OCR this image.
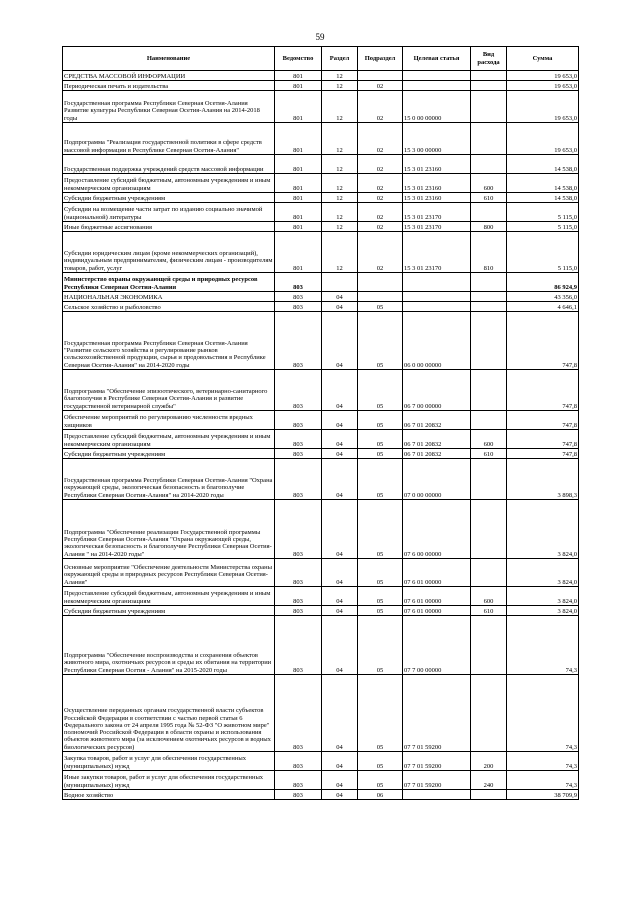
59
Наименование	Ведомство	Раздел	Подраздел	Целевая статья	Вид расхода	Сумма
СРЕДСТВА МАССОВОЙ ИНФОРМАЦИИ	801	12				19 653,0
Периодическая печать и издательства	801	12	02			19 653,0
Государственная программа Республики Северная Осетия-Алания Развитие культуры Республики Северная Осетия-Алания на 2014-2018 годы	801	12	02	15 0 00 00000		19 653,0
Подпрограмма "Реализация государственной политики в сфере средств массовой информации в Республике Северная Осетия-Алания"	801	12	02	15 3 00 00000		19 653,0
Государственная поддержка учреждений средств массовой информации	801	12	02	15 3 01 23160		14 538,0
Предоставление субсидий бюджетным, автономным учреждениям и иным некоммерческим организациям	801	12	02	15 3 01 23160	600	14 538,0
Субсидии бюджетным учреждениям	801	12	02	15 3 01 23160	610	14 538,0
Субсидии на возмещение части затрат по изданию социально значимой (национальной) литературы	801	12	02	15 3 01 23170		5 115,0
Иные бюджетные ассигнования	801	12	02	15 3 01 23170	800	5 115,0
Субсидии юридическим лицам (кроме некоммерческих организаций), индивидуальным предпринимателям, физическим лицам - производителям товаров, работ, услуг	801	12	02	15 3 01 23170	810	5 115,0
Министерство охраны окружающей среды и природных ресурсов Республики Северная Осетия-Алания	803					86 924,9
НАЦИОНАЛЬНАЯ ЭКОНОМИКА	803	04				43 356,0
Сельское хозяйство и рыболовство	803	04	05			4 646,1
Государственная программа Республики Северная Осетия-Алания "Развитие сельского хозяйства и регулирование рынков сельскохозяйственной продукции, сырья и продовольствия в Республике Северная Осетия-Алания" на 2014-2020 годы	803	04	05	06 0 00 00000		747,8
Подпрограмма "Обеспечение эпизоотического, ветеринарно-санитарного благополучия в Республике Северная Осетия-Алания и развитие государственной ветеринарной службы"	803	04	05	06 7 00 00000		747,8
Обеспечение мероприятий по регулированию численности вредных хищников	803	04	05	06 7 01 20832		747,8
Предоставление субсидий бюджетным, автономным учреждениям и иным некоммерческим организациям	803	04	05	06 7 01 20832	600	747,8
Субсидии бюджетным учреждениям	803	04	05	06 7 01 20832	610	747,8
Государственная программа Республики Северная Осетия-Алания "Охрана окружающей среды, экологическая безопасность и благополучие Республики Северная Осетия-Алания" на 2014-2020 годы	803	04	05	07 0 00 00000		3 898,3
Подпрограмма "Обеспечение реализации Государственной программы Республики Северная Осетия-Алания "Охрана окружающей среды, экологическая безопасность и благополучие Республики Северная Осетия-Алания " на 2014-2020 годы"	803	04	05	07 6 00 00000		3 824,0
Основные мероприятие "Обеспечение деятельности Министерства охраны окружающей среды и природных ресурсов Республики Северная Осетия-Алания"	803	04	05	07 6 01 00000		3 824,0
Предоставление субсидий бюджетным, автономным учреждениям и иным некоммерческим организациям	803	04	05	07 6 01 00000	600	3 824,0
Субсидии бюджетным учреждениям	803	04	05	07 6 01 00000	610	3 824,0
Подпрограмма "Обеспечение воспроизводства и сохранения объектов животного мира, охотничьих ресурсов и среды их обитания на территории Республики Северная Осетия - Алания" на 2015-2020 годы	803	04	05	07 7 00 00000		74,3
Осуществление переданных органам государственной власти субъектов Российской Федерации в соответствии с частью первой статьи 6 Федерального закона от 24 апреля 1995 года № 52-ФЗ "О животном мире" полномочий Российской Федерации в области охраны и использования объектов животного мира (за исключением охотничьих ресурсов и водных биологических ресурсов)	803	04	05	07 7 01 59200		74,3
Закупка товаров, работ и услуг для обеспечения государственных (муниципальных) нужд	803	04	05	07 7 01 59200	200	74,3
Иные закупки товаров, работ и услуг для обеспечения государственных (муниципальных) нужд	803	04	05	07 7 01 59200	240	74,3
Водное хозяйство	803	04	06			38 709,9
